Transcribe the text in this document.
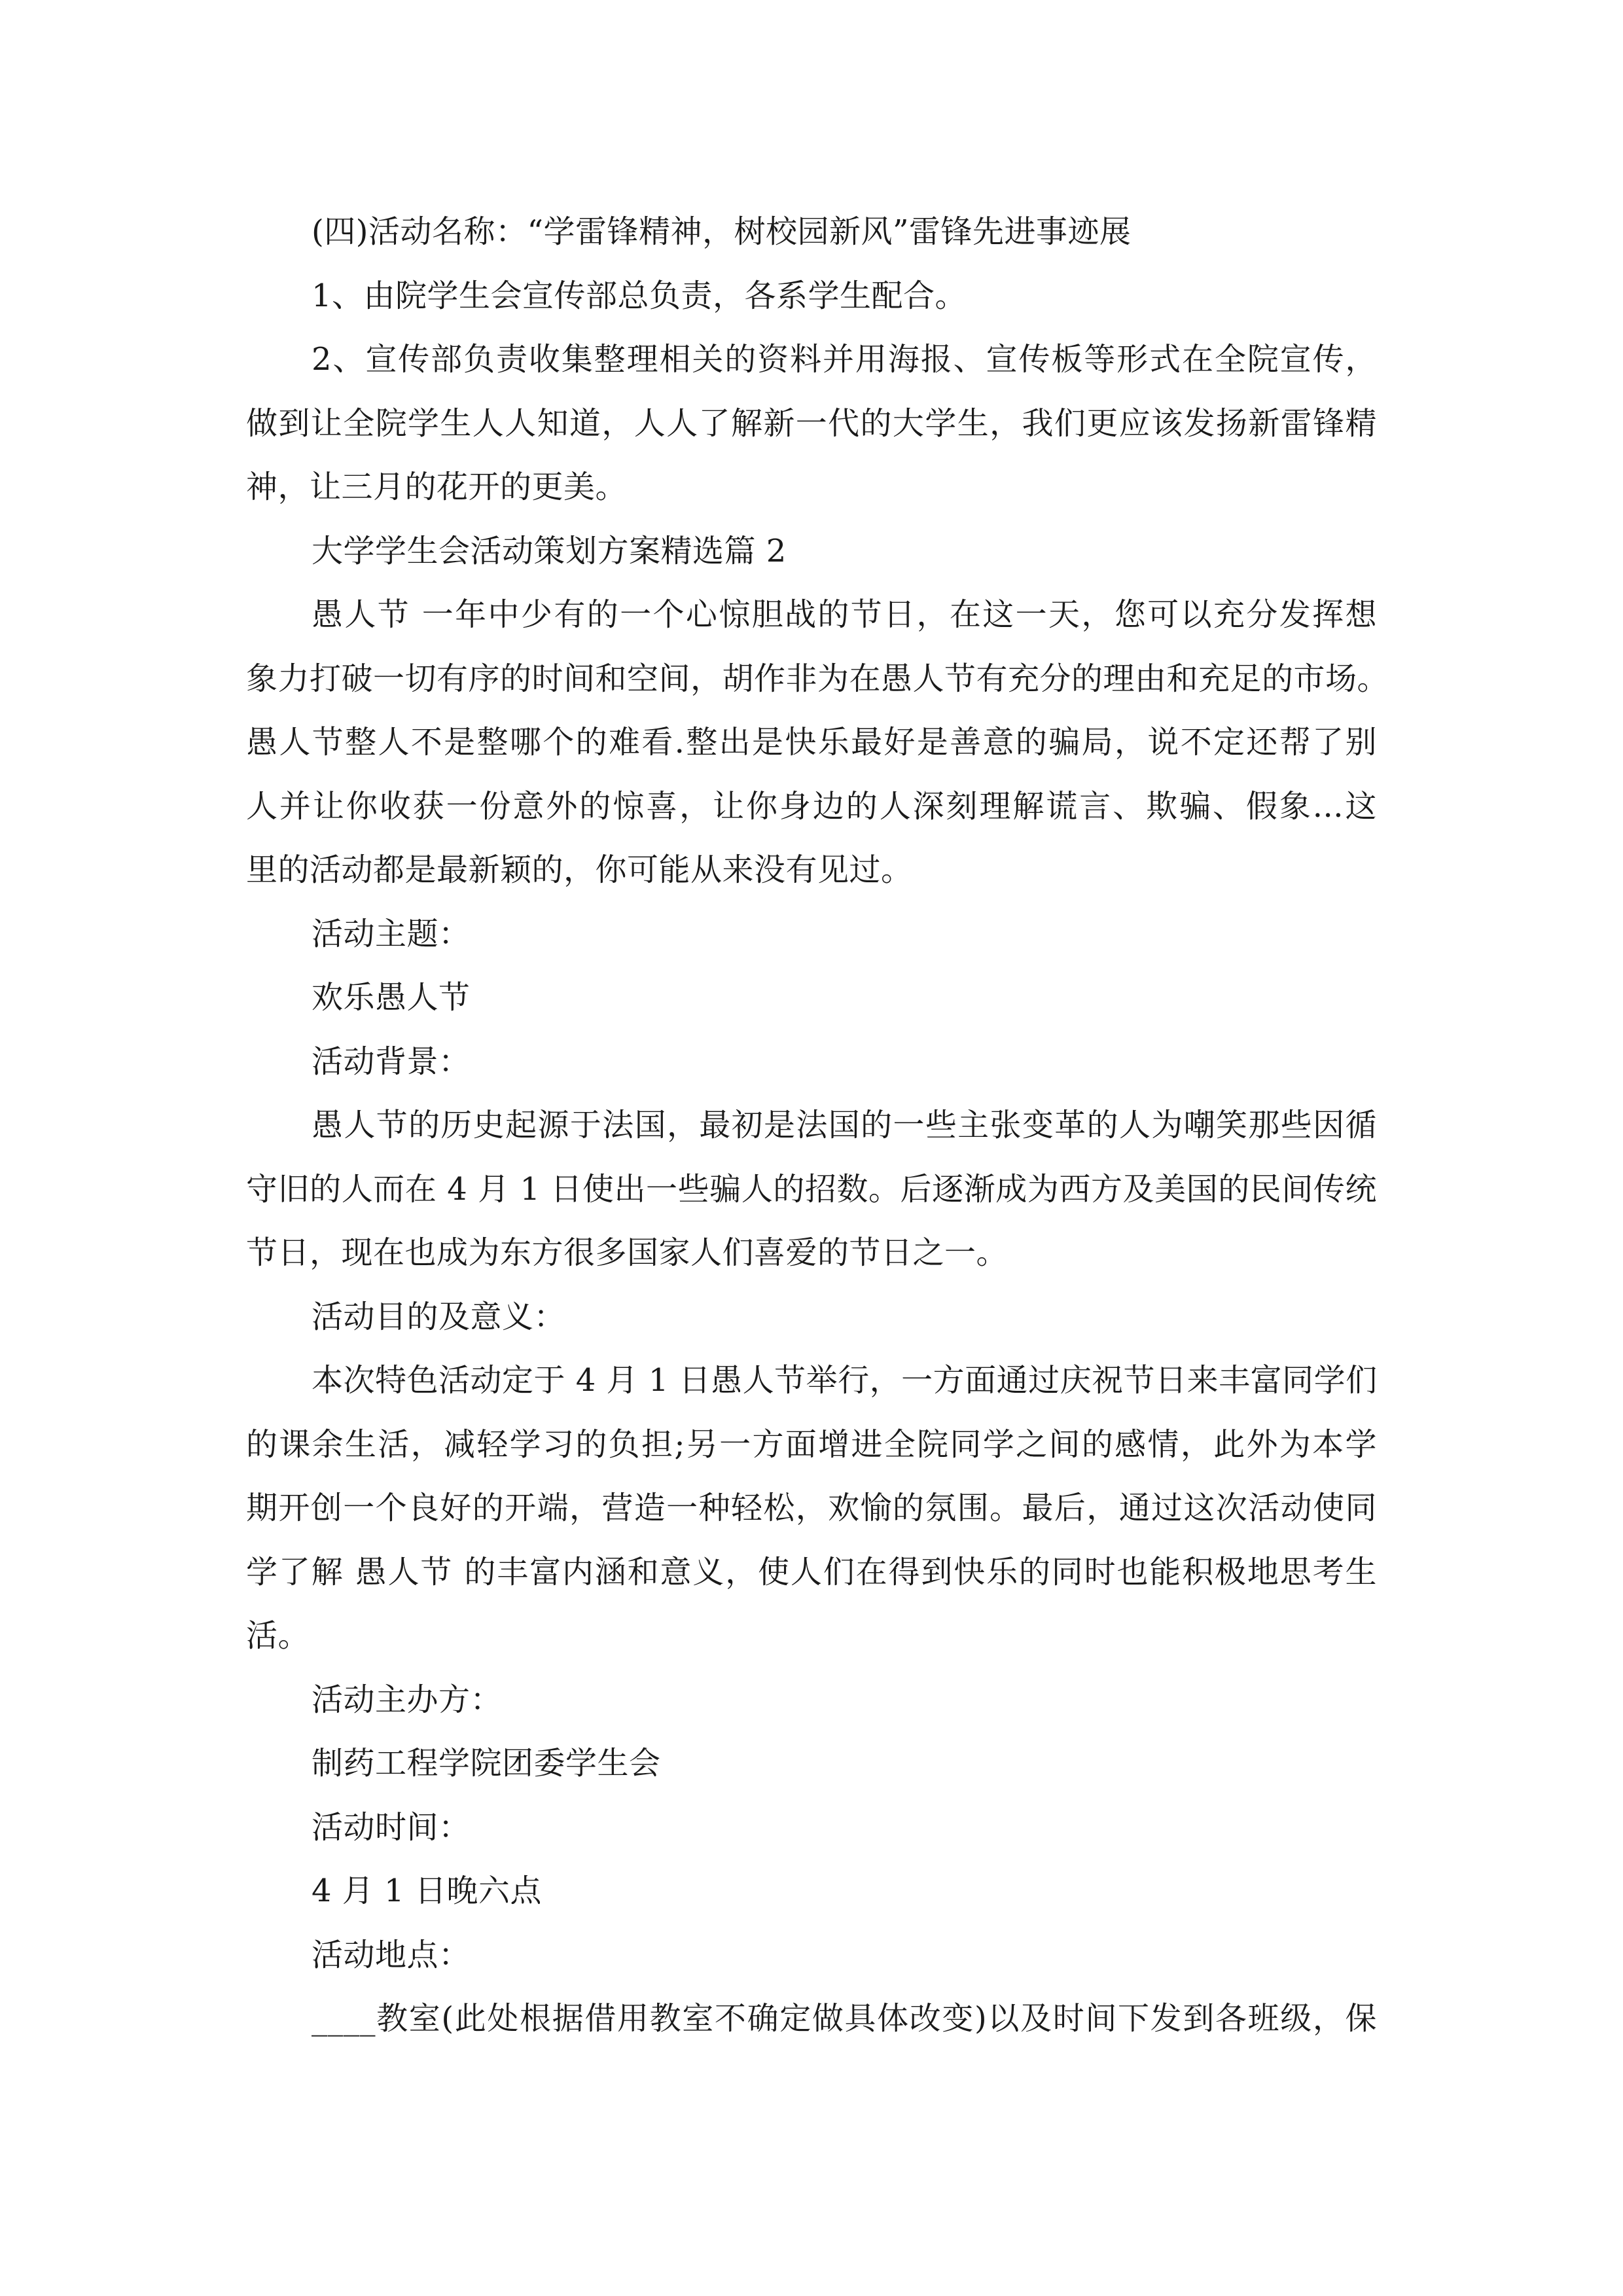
(四)活动名称：“学雷锋精神，树校园新风”雷锋先进事迹展
1、由院学生会宣传部总负责，各系学生配合。
2、宣传部负责收集整理相关的资料并用海报、宣传板等形式在全院宣传，
做到让全院学生人人知道，人人了解新一代的大学生，我们更应该发扬新雷锋精
神，让三月的花开的更美。
大学学生会活动策划方案精选篇 2
愚人节 一年中少有的一个心惊胆战的节日，在这一天，您可以充分发挥想
象力打破一切有序的时间和空间，胡作非为在愚人节有充分的理由和充足的市场。
愚人节整人不是整哪个的难看.整出是快乐最好是善意的骗局，说不定还帮了别
人并让你收获一份意外的惊喜，让你身边的人深刻理解谎言、欺骗、假象...这
里的活动都是最新颖的，你可能从来没有见过。
活动主题：
欢乐愚人节
活动背景：
愚人节的历史起源于法国，最初是法国的一些主张变革的人为嘲笑那些因循
守旧的人而在 4 月 1 日使出一些骗人的招数。后逐渐成为西方及美国的民间传统
节日，现在也成为东方很多国家人们喜爱的节日之一。
活动目的及意义：
本次特色活动定于 4 月 1 日愚人节举行，一方面通过庆祝节日来丰富同学们
的课余生活，减轻学习的负担;另一方面增进全院同学之间的感情，此外为本学
期开创一个良好的开端，营造一种轻松，欢愉的氛围。最后，通过这次活动使同
学了解 愚人节 的丰富内涵和意义，使人们在得到快乐的同时也能积极地思考生
活。
活动主办方：
制药工程学院团委学生会
活动时间：
4 月 1 日晚六点
活动地点：
____教室(此处根据借用教室不确定做具体改变)以及时间下发到各班级，保
